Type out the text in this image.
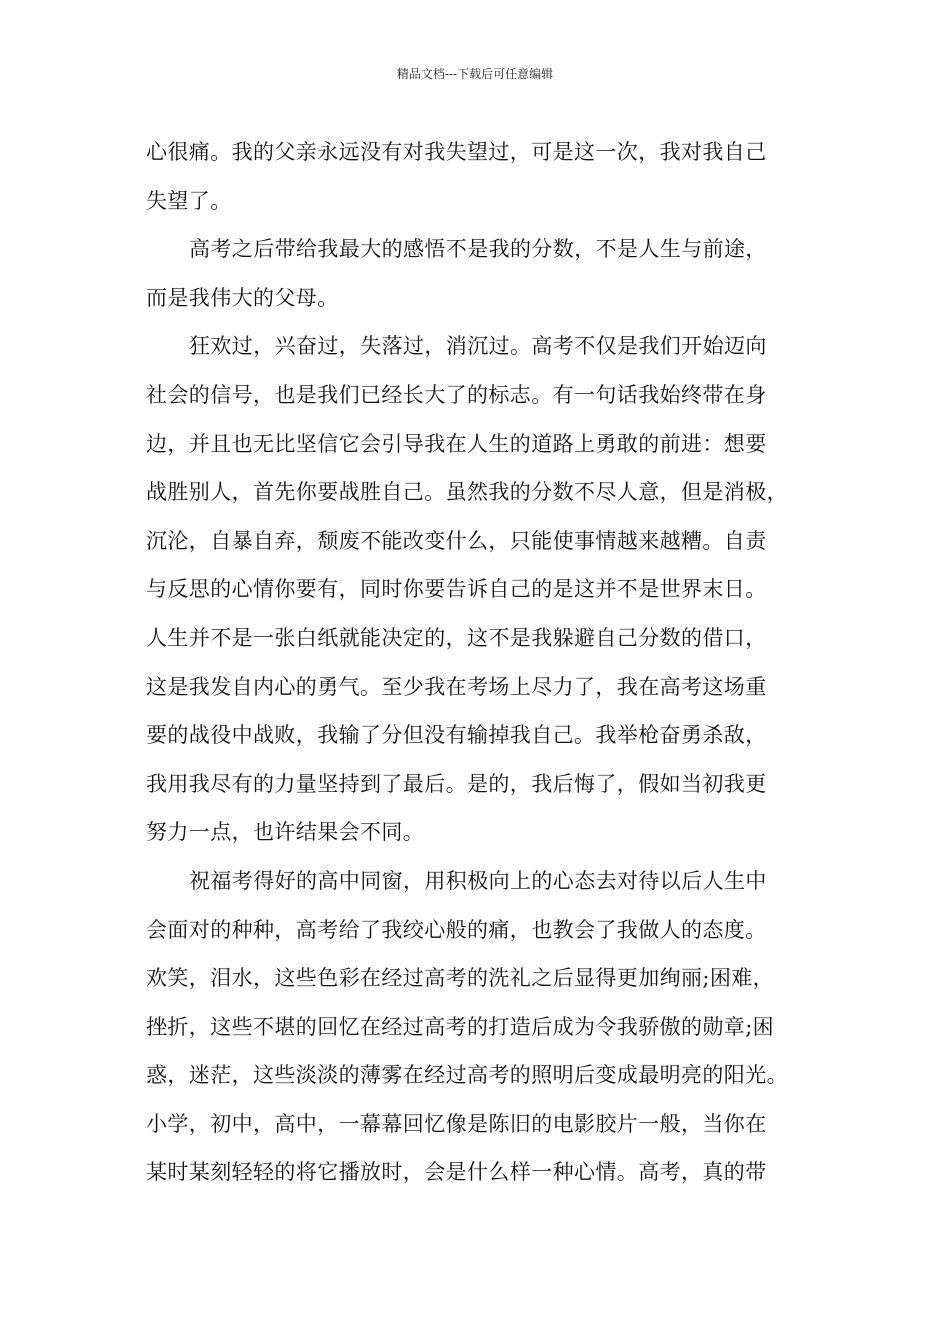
精品文档---下载后可任意编辑
心很痛。我的父亲永远没有对我失望过，可是这一次，我对我自己
失望了。
高考之后带给我最大的感悟不是我的分数，不是人生与前途，
而是我伟大的父母。
狂欢过，兴奋过，失落过，消沉过。高考不仅是我们开始迈向
社会的信号，也是我们已经长大了的标志。有一句话我始终带在身
边，并且也无比坚信它会引导我在人生的道路上勇敢的前进：想要
战胜别人，首先你要战胜自己。虽然我的分数不尽人意，但是消极，
沉沦，自暴自弃，颓废不能改变什么，只能使事情越来越糟。自责
与反思的心情你要有，同时你要告诉自己的是这并不是世界末日。
人生并不是一张白纸就能决定的，这不是我躲避自己分数的借口，
这是我发自内心的勇气。至少我在考场上尽力了，我在高考这场重
要的战役中战败，我输了分但没有输掉我自己。我举枪奋勇杀敌，
我用我尽有的力量坚持到了最后。是的，我后悔了，假如当初我更
努力一点，也许结果会不同。
祝福考得好的高中同窗，用积极向上的心态去对待以后人生中
会面对的种种，高考给了我绞心般的痛，也教会了我做人的态度。
欢笑，泪水，这些色彩在经过高考的洗礼之后显得更加绚丽;困难，
挫折，这些不堪的回忆在经过高考的打造后成为令我骄傲的勋章;困
惑，迷茫，这些淡淡的薄雾在经过高考的照明后变成最明亮的阳光。
小学，初中，高中，一幕幕回忆像是陈旧的电影胶片一般，当你在
某时某刻轻轻的将它播放时，会是什么样一种心情。高考，真的带
